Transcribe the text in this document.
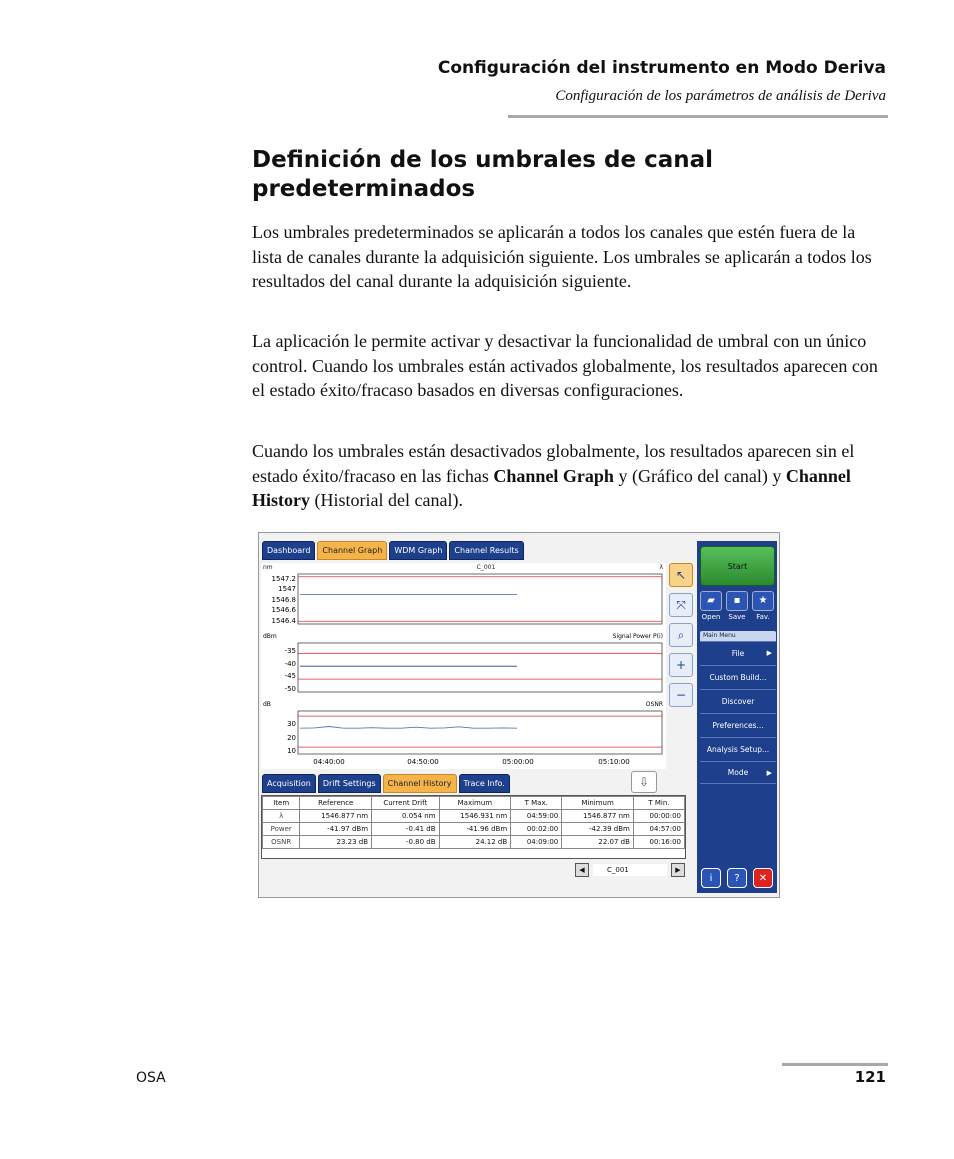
Configuración del instrumento en Modo Deriva
Configuración de los parámetros de análisis de Deriva
Definición de los umbrales de canal predeterminados

Los umbrales predeterminados se aplicarán a todos los canales que estén fuera de la lista de canales durante la adquisición siguiente. Los umbrales se aplicarán a todos los resultados del canal durante la adquisición siguiente.

La aplicación le permite activar y desactivar la funcionalidad de umbral con un único control. Cuando los umbrales están activados globalmente, los resultados aparecen con el estado éxito/fracaso basados en diversas configuraciones.

Cuando los umbrales están desactivados globalmente, los resultados aparecen sin el estado éxito/fracaso en las fichas Channel Graph y (Gráfico del canal) y Channel History (Historial del canal).

Dashboard	Channel Graph	WDM Graph	Channel Results
nm	C_001	λ
1547.2
1547
1546.8
1546.6
1546.4
dBm	Signal Power P(i)
-35
-40
-45
-50
dB	OSNR
30
20
10
04:40:00	04:50:00	05:00:00	05:10:00
↖
⤧
⌕
+
−
Acquisition	Drift Settings	Channel History	Trace Info.	⇩
Item	Reference	Current Drift	Maximum	T Max.	Minimum	T Min.
λ	1546.877 nm	0.054 nm	1546.931 nm	04:59:00	1546.877 nm	00:00:00
Power	-41.97 dBm	-0.41 dB	-41.96 dBm	00:02:00	-42.39 dBm	04:57:00
OSNR	23.23 dB	-0.80 dB	24.12 dB	04:09:00	22.07 dB	00:16:00
◀	C_001	▶
Start
▰
Open
▪
Save
★
Fav.
Main Menu
File	▶
Custom Build...
Discover
Preferences...
Analysis Setup...
Mode	▶
i	?	✕
OSA	121
